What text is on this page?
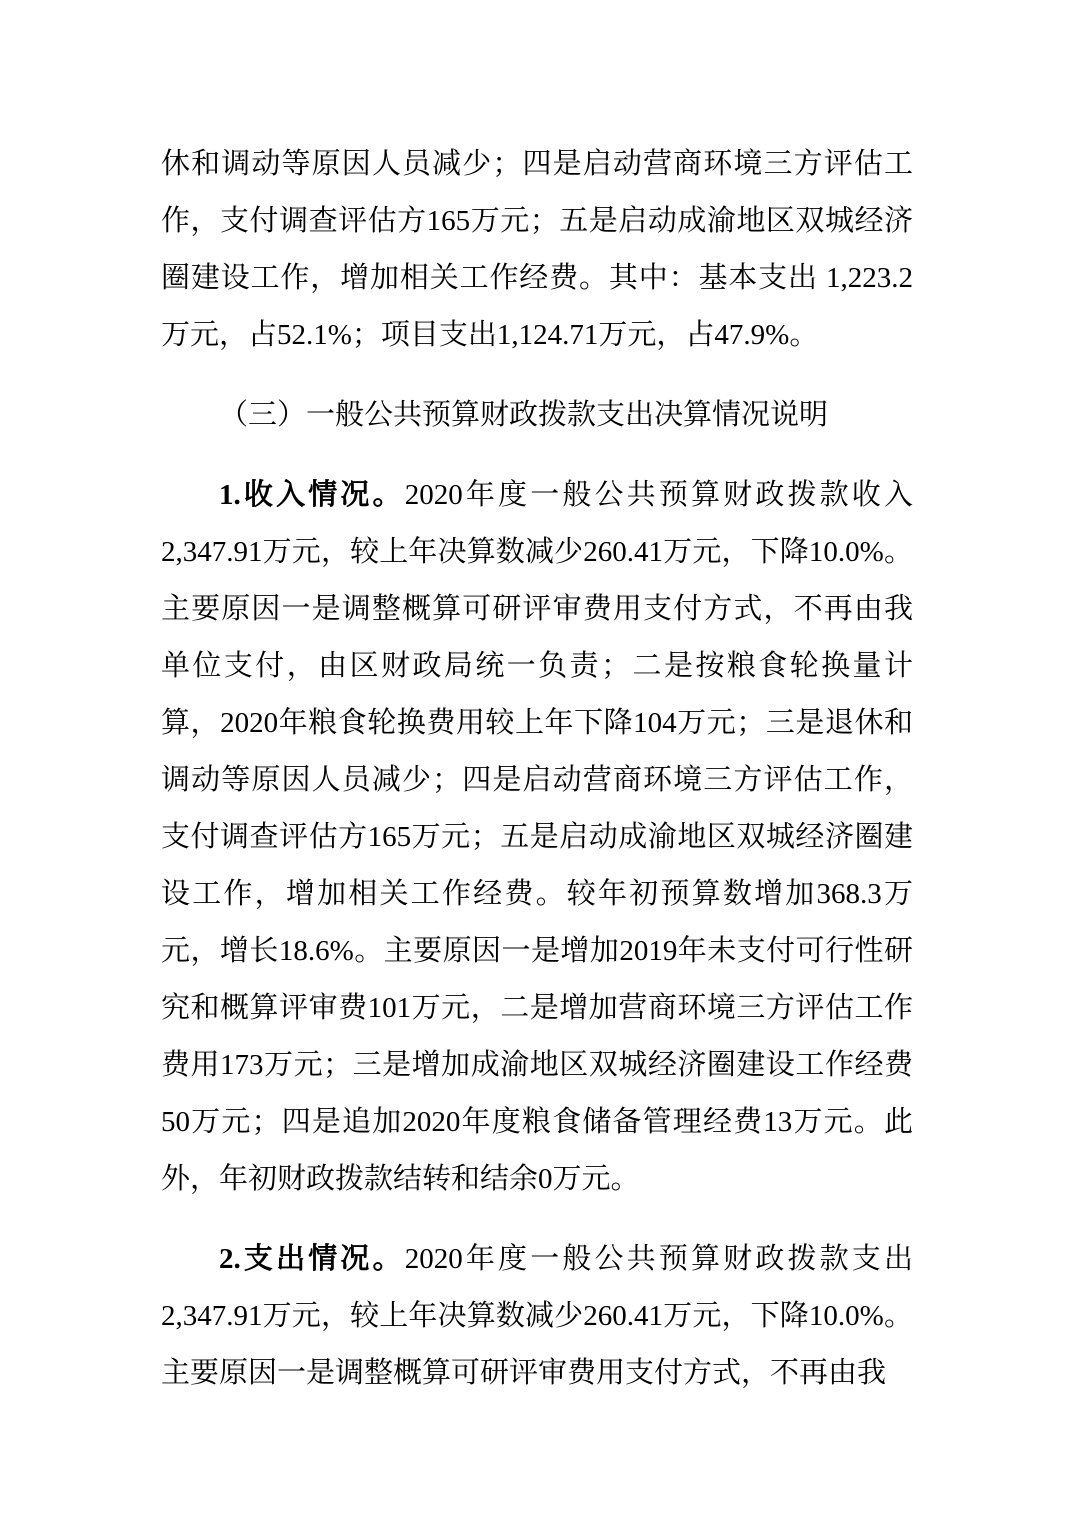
休和调动等原因人员减少；四是启动营商环境三方评估工作，支付调查评估方165万元；五是启动成渝地区双城经济圈建设工作，增加相关工作经费。其中：基本支出 1,223.2万元，占52.1%；项目支出1,124.71万元，占47.9%。

（三）一般公共预算财政拨款支出决算情况说明

1.收入情况。2020年度一般公共预算财政拨款收入2,347.91万元，较上年决算数减少260.41万元，下降10.0%。主要原因一是调整概算可研评审费用支付方式，不再由我单位支付，由区财政局统一负责；二是按粮食轮换量计算，2020年粮食轮换费用较上年下降104万元；三是退休和调动等原因人员减少；四是启动营商环境三方评估工作，支付调查评估方165万元；五是启动成渝地区双城经济圈建设工作，增加相关工作经费。较年初预算数增加368.3万元，增长18.6%。主要原因一是增加2019年未支付可行性研究和概算评审费101万元，二是增加营商环境三方评估工作费用173万元；三是增加成渝地区双城经济圈建设工作经费50万元；四是追加2020年度粮食储备管理经费13万元。此外，年初财政拨款结转和结余0万元。

2.支出情况。2020年度一般公共预算财政拨款支出2,347.91万元，较上年决算数减少260.41万元，下降10.0%。主要原因一是调整概算可研评审费用支付方式，不再由我
